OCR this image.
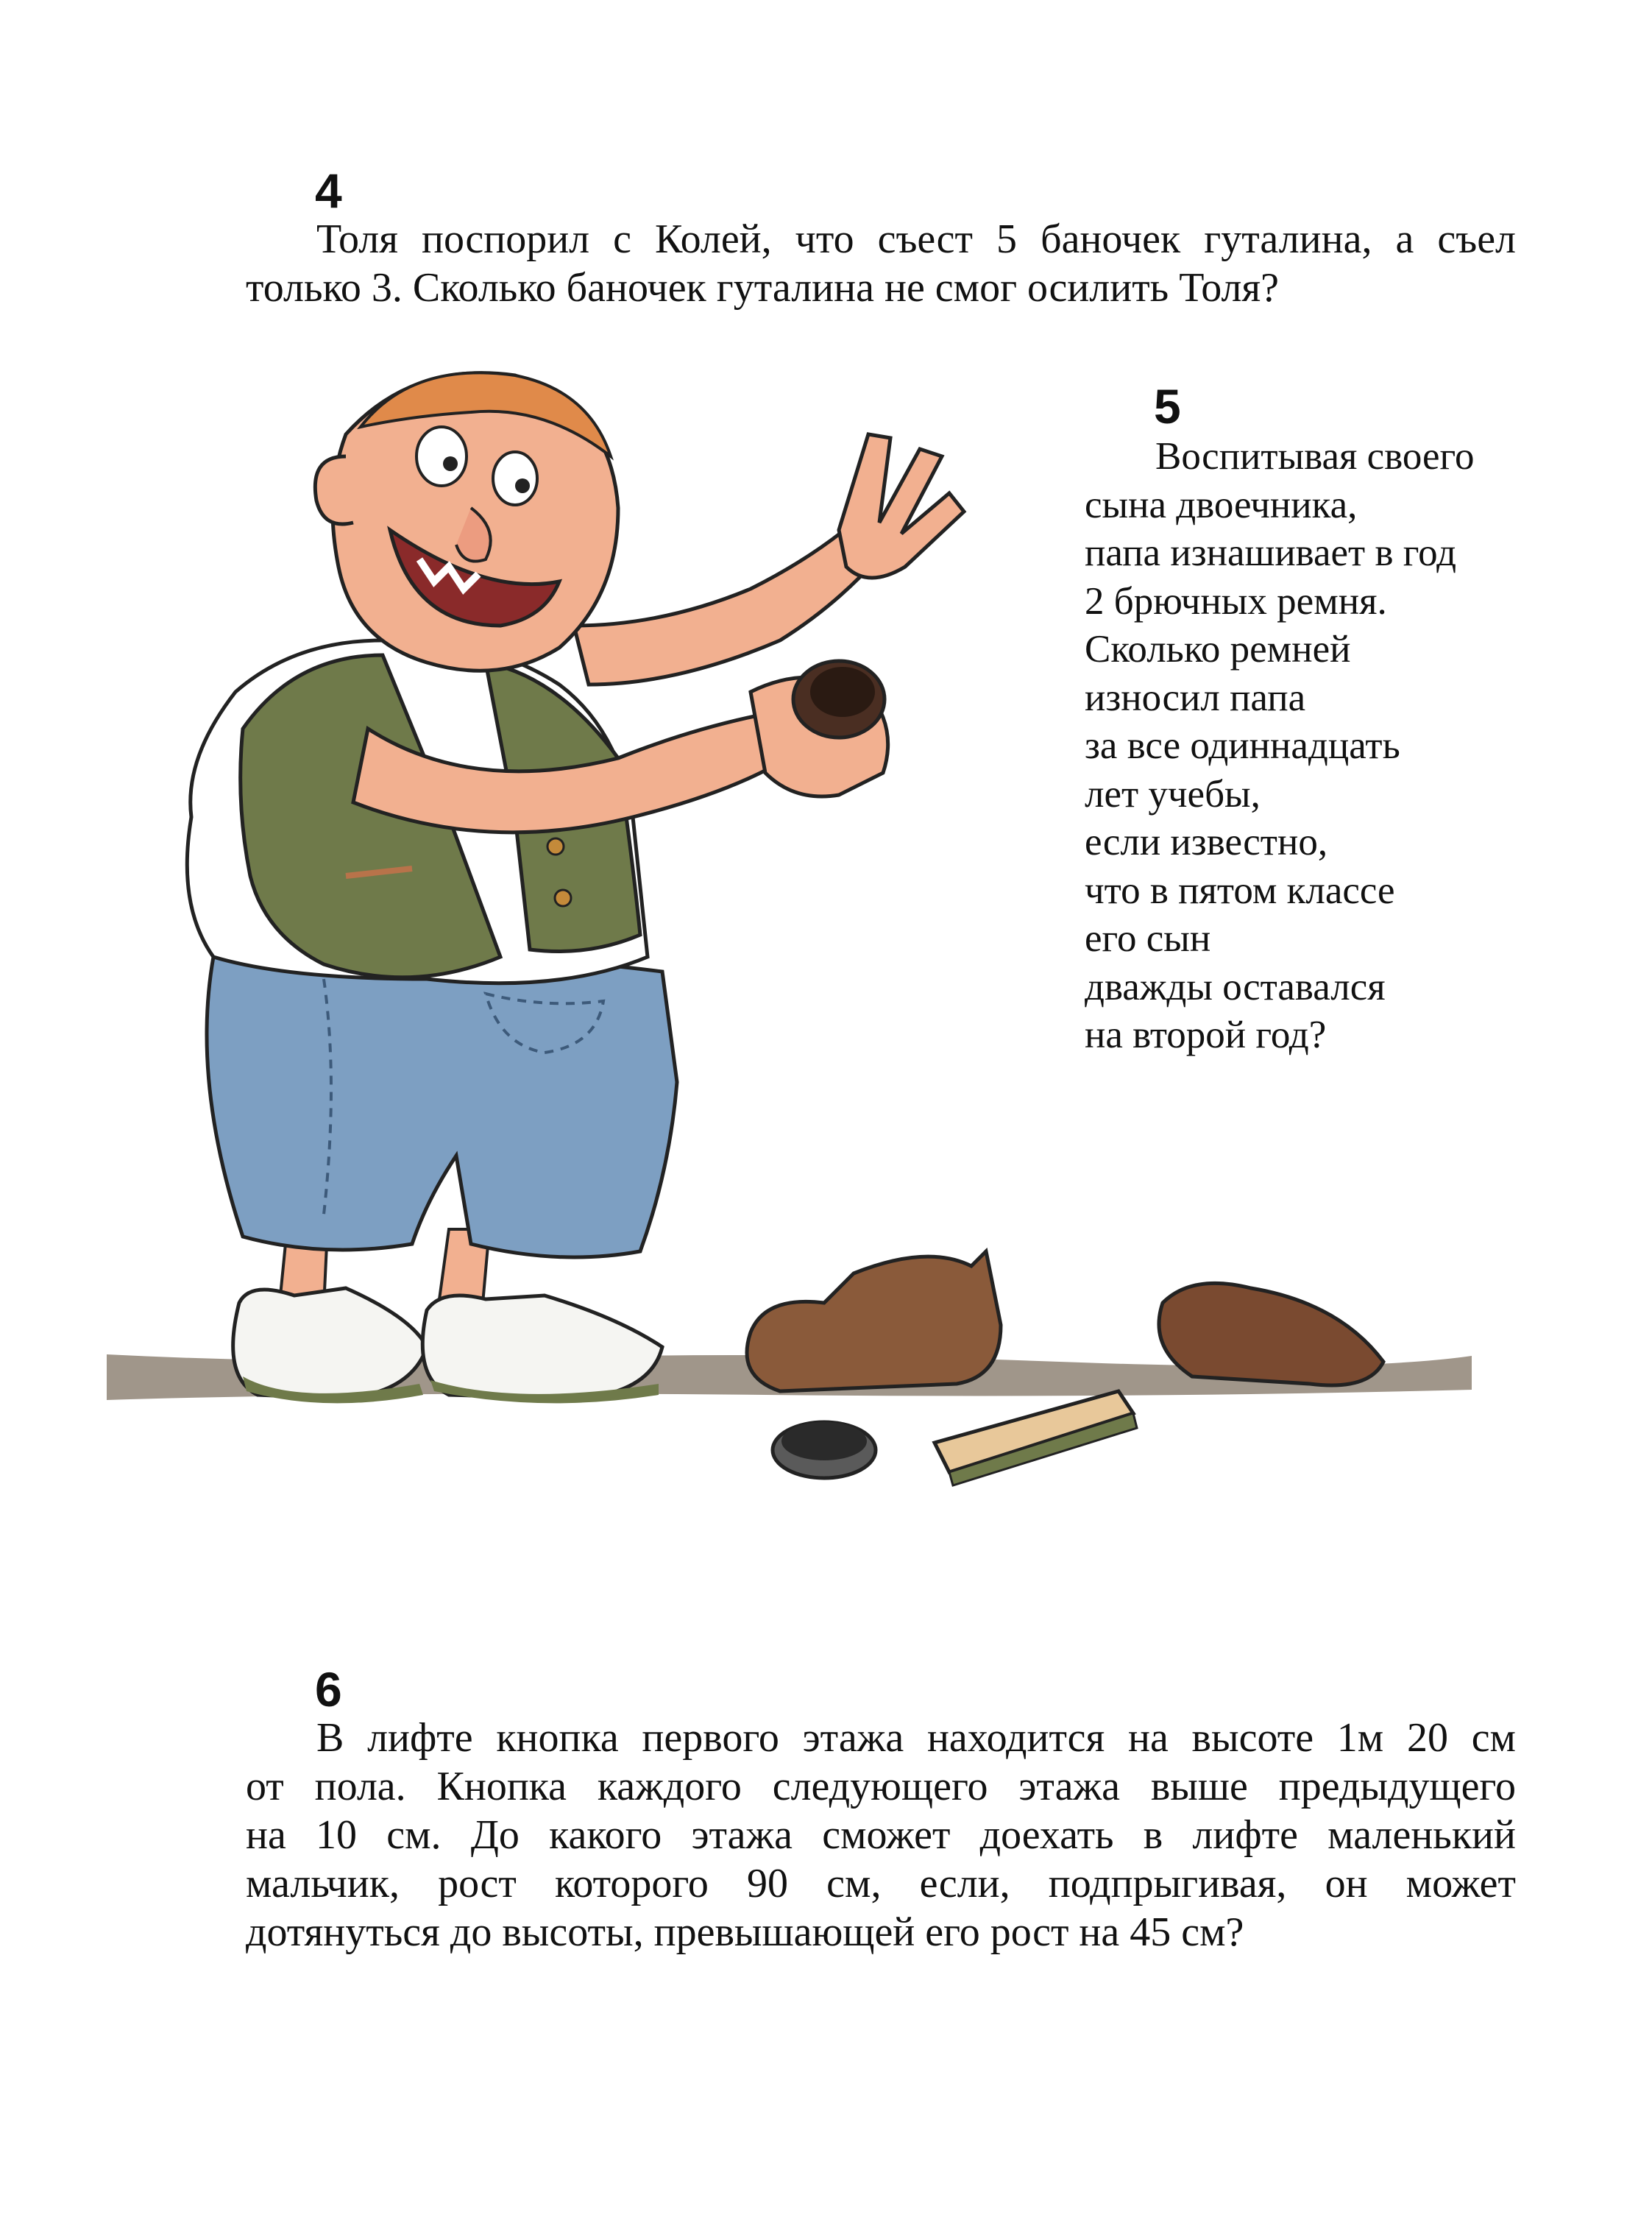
4
Толя поспорил с Колей, что съест 5 баночек гуталина, а съел
только 3. Сколько баночек гуталина не смог осилить Толя?
5
Воспитывая своего
сына двоечника,
папа изнашивает в год
2 брючных ремня.
Сколько ремней
износил папа
за все одиннадцать
лет учебы,
если известно,
что в пятом классе
его сын
дважды оставался
на второй год?
6
В лифте кнопка первого этажа находится на высоте 1м 20 см
от пола. Кнопка каждого следующего этажа выше предыдущего
на 10 см. До какого этажа сможет доехать в лифте маленький
мальчик, рост которого 90 см, если, подпрыгивая, он может
дотянуться до высоты, превышающей его рост на 45 см?
